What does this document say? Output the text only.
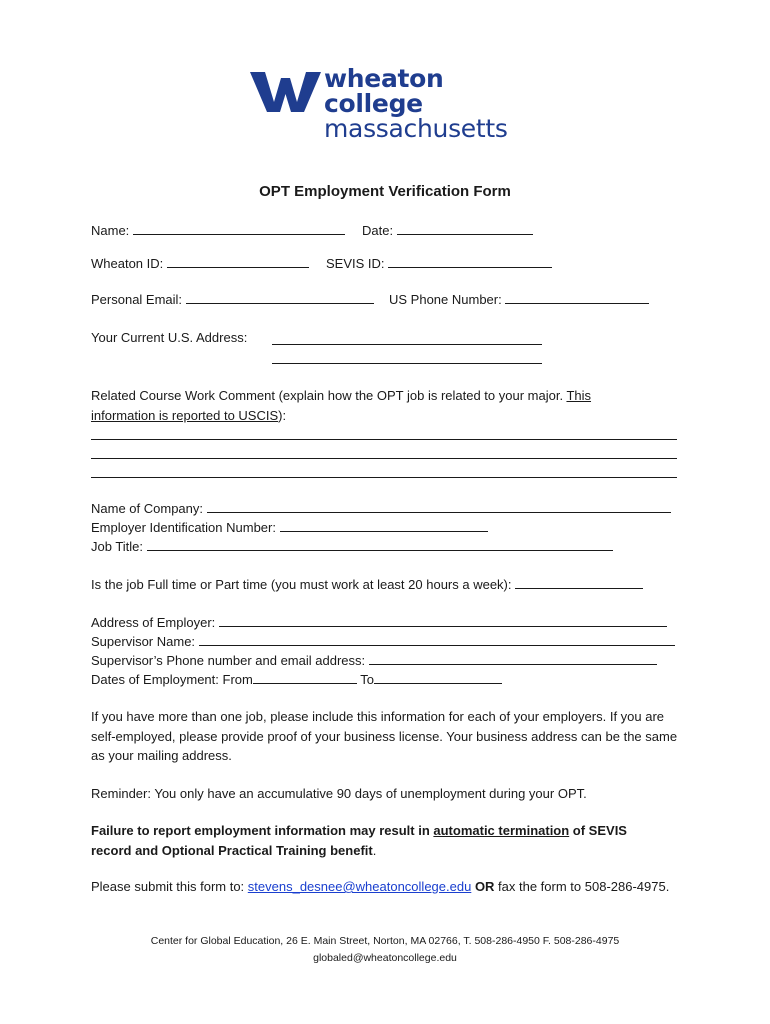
wheaton
college
massachusetts
OPT Employment Verification Form
Name:	Date:
Wheaton ID:	SEVIS ID:
Personal Email:	US Phone Number:
Your Current U.S. Address:
Related Course Work Comment (explain how the OPT job is related to your major. This
information is reported to USCIS):
Name of Company:
Employer Identification Number:
Job Title:
Is the job Full time or Part time (you must work at least 20 hours a week):
Address of Employer:
Supervisor Name:
Supervisor’s Phone number and email address:
Dates of Employment: From	To
If you have more than one job, please include this information for each of your employers. If you are self-employed, please provide proof of your business license. Your business address can be the same as your mailing address.
Reminder: You only have an accumulative 90 days of unemployment during your OPT.
Failure to report employment information may result in automatic termination of SEVIS record and Optional Practical Training benefit.
Please submit this form to: stevens_desnee@wheatoncollege.edu OR fax the form to 508-286-4975.
Center for Global Education, 26 E. Main Street, Norton, MA 02766, T. 508-286-4950 F. 508-286-4975
globaled@wheatoncollege.edu
